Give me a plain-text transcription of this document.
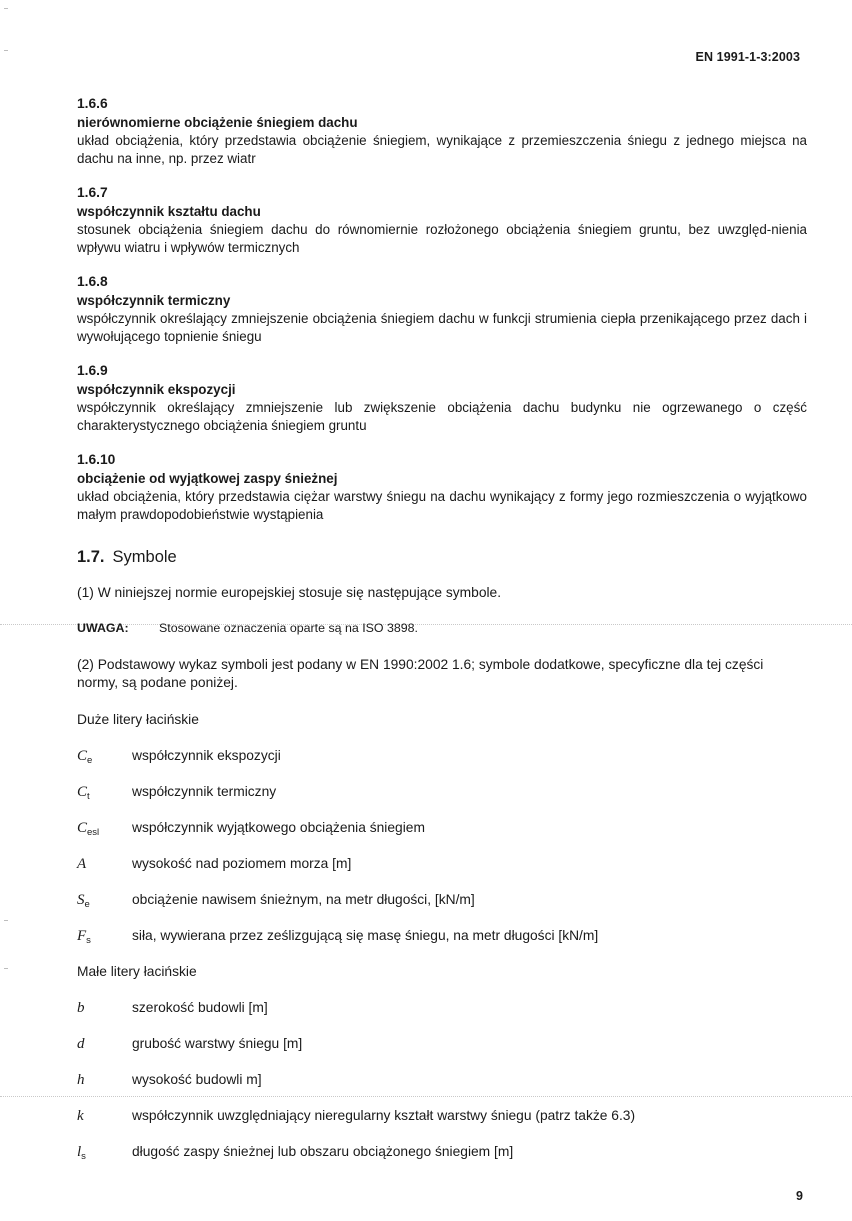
EN 1991-1-3:2003
1.6.6
nierównomierne obciążenie śniegiem dachu
układ obciążenia, który przedstawia obciążenie śniegiem, wynikające z przemieszczenia śniegu z jednego miejsca na dachu na inne, np. przez wiatr
1.6.7
współczynnik kształtu dachu
stosunek obciążenia śniegiem dachu do równomiernie rozłożonego obciążenia śniegiem gruntu, bez uwzględ-nienia wpływu wiatru i wpływów termicznych
1.6.8
współczynnik termiczny
współczynnik określający zmniejszenie obciążenia śniegiem dachu w funkcji strumienia ciepła przenikającego przez dach i wywołującego topnienie śniegu
1.6.9
współczynnik ekspozycji
współczynnik określający zmniejszenie lub zwiększenie obciążenia dachu budynku nie ogrzewanego o część charakterystycznego obciążenia śniegiem gruntu
1.6.10
obciążenie od wyjątkowej zaspy śnieżnej
układ obciążenia, który przedstawia ciężar warstwy śniegu na dachu wynikający z formy jego rozmieszczenia o wyjątkowo małym prawdopodobieństwie wystąpienia
1.7. Symbole
(1) W niniejszej normie europejskiej stosuje się następujące symbole.
UWAGA: Stosowane oznaczenia oparte są na ISO 3898.
(2) Podstawowy wykaz symboli jest podany w EN 1990:2002 1.6; symbole dodatkowe, specyficzne dla tej części normy, są podane poniżej.
Duże litery łacińskie
$C_e$	współczynnik ekspozycji
$C_t$	współczynnik termiczny
$C_{esl}$	współczynnik wyjątkowego obciążenia śniegiem
A	wysokość nad poziomem morza [m]
$S_e$	obciążenie nawisem śnieżnym, na metr długości, [kN/m]
$F_s$	siła, wywierana przez ześlizgującą się masę śniegu, na metr długości [kN/m]
Małe litery łacińskie
b	szerokość budowli [m]
d	grubość warstwy śniegu [m]
h	wysokość budowli m]
k	współczynnik uwzględniający nieregularny kształt warstwy śniegu (patrz także 6.3)
$l_s$	długość zaspy śnieżnej lub obszaru obciążonego śniegiem [m]
9
